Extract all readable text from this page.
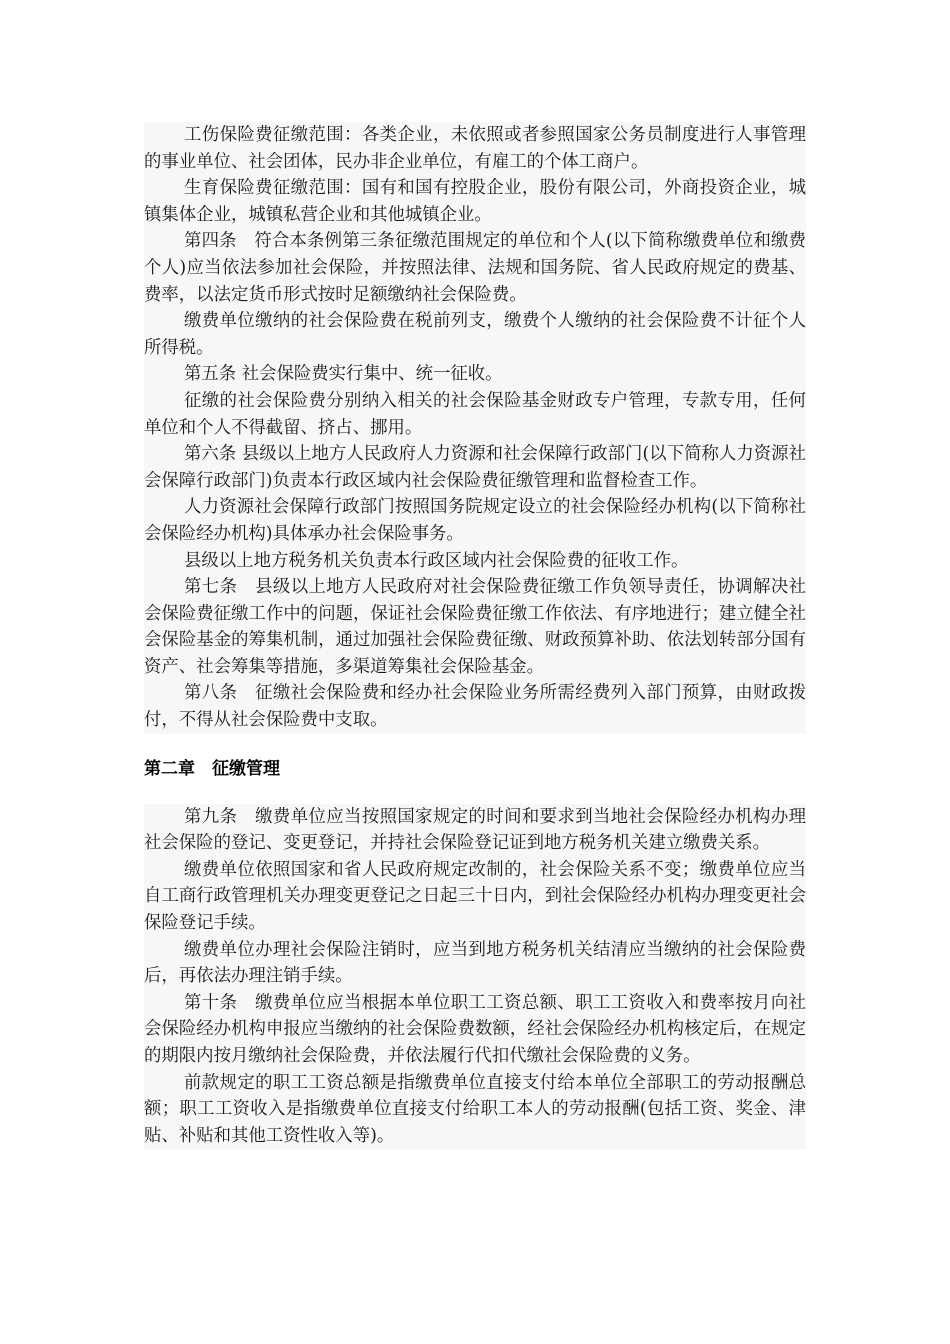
工伤保险费征缴范围：各类企业，未依照或者参照国家公务员制度进行人事管理的事业单位、社会团体，民办非企业单位，有雇工的个体工商户。

生育保险费征缴范围：国有和国有控股企业，股份有限公司，外商投资企业，城镇集体企业，城镇私营企业和其他城镇企业。

第四条　符合本条例第三条征缴范围规定的单位和个人(以下简称缴费单位和缴费个人)应当依法参加社会保险，并按照法律、法规和国务院、省人民政府规定的费基、费率，以法定货币形式按时足额缴纳社会保险费。

缴费单位缴纳的社会保险费在税前列支，缴费个人缴纳的社会保险费不计征个人所得税。

第五条 社会保险费实行集中、统一征收。

征缴的社会保险费分别纳入相关的社会保险基金财政专户管理，专款专用，任何单位和个人不得截留、挤占、挪用。

第六条 县级以上地方人民政府人力资源和社会保障行政部门(以下简称人力资源社会保障行政部门)负责本行政区域内社会保险费征缴管理和监督检查工作。

人力资源社会保障行政部门按照国务院规定设立的社会保险经办机构(以下简称社会保险经办机构)具体承办社会保险事务。

县级以上地方税务机关负责本行政区域内社会保险费的征收工作。

第七条　县级以上地方人民政府对社会保险费征缴工作负领导责任，协调解决社会保险费征缴工作中的问题，保证社会保险费征缴工作依法、有序地进行；建立健全社会保险基金的筹集机制，通过加强社会保险费征缴、财政预算补助、依法划转部分国有资产、社会筹集等措施，多渠道筹集社会保险基金。

第八条　征缴社会保险费和经办社会保险业务所需经费列入部门预算，由财政拨付，不得从社会保险费中支取。

第二章　征缴管理

第九条　缴费单位应当按照国家规定的时间和要求到当地社会保险经办机构办理社会保险的登记、变更登记，并持社会保险登记证到地方税务机关建立缴费关系。

缴费单位依照国家和省人民政府规定改制的，社会保险关系不变；缴费单位应当自工商行政管理机关办理变更登记之日起三十日内，到社会保险经办机构办理变更社会保险登记手续。

缴费单位办理社会保险注销时，应当到地方税务机关结清应当缴纳的社会保险费后，再依法办理注销手续。

第十条　缴费单位应当根据本单位职工工资总额、职工工资收入和费率按月向社会保险经办机构申报应当缴纳的社会保险费数额，经社会保险经办机构核定后，在规定的期限内按月缴纳社会保险费，并依法履行代扣代缴社会保险费的义务。

前款规定的职工工资总额是指缴费单位直接支付给本单位全部职工的劳动报酬总额；职工工资收入是指缴费单位直接支付给职工本人的劳动报酬(包括工资、奖金、津贴、补贴和其他工资性收入等)。
